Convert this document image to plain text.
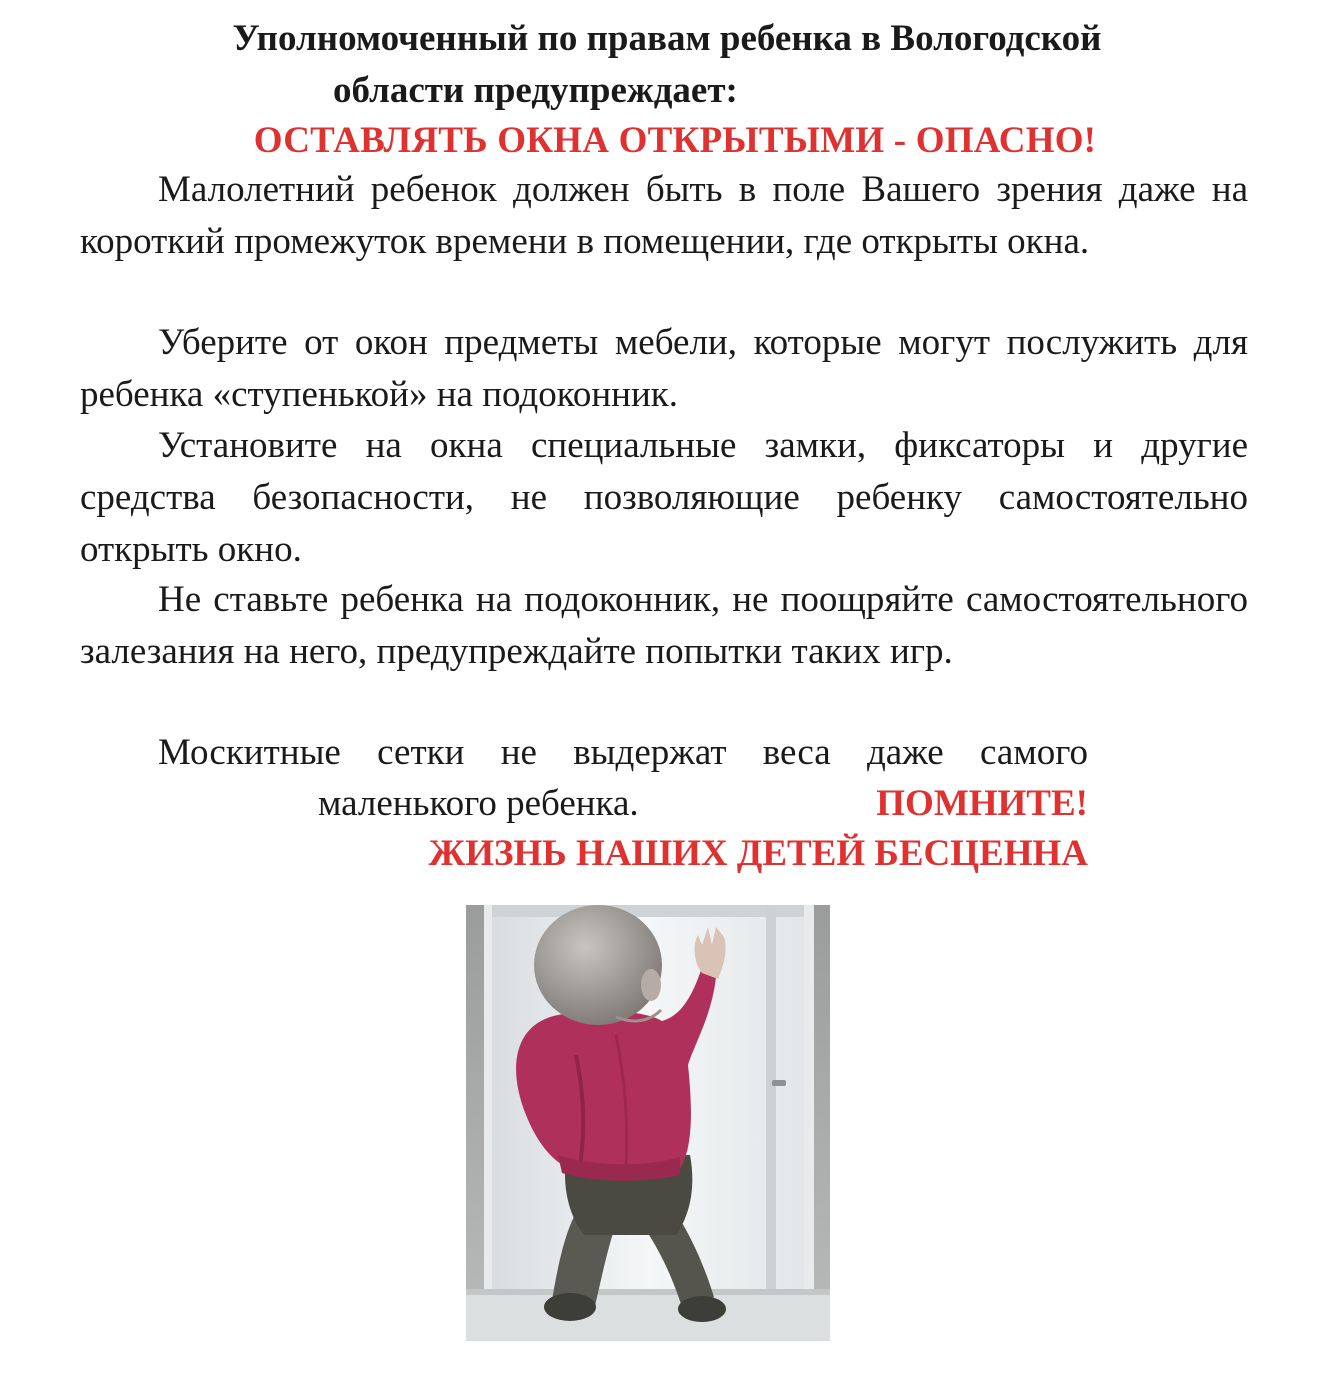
Уполномоченный по правам ребенка в Вологодской
области предупреждает:
ОСТАВЛЯТЬ ОКНА ОТКРЫТЫМИ - ОПАСНО!
Малолетний ребенок должен быть в поле Вашего зрения даже на короткий промежуток времени в помещении, где открыты окна.
Уберите от окон предметы мебели, которые могут послужить для ребенка «ступенькой» на подоконник.
Установите на окна специальные замки, фиксаторы и другие средства безопасности, не позволяющие ребенку самостоятельно открыть окно.
Не ставьте ребенка на подоконник, не поощряйте самостоятельного залезания на него, предупреждайте попытки таких игр.
Москитные сетки не выдержат веса даже самого
маленького ребенка.	ПОМНИТЕ!
ЖИЗНЬ НАШИХ ДЕТЕЙ БЕСЦЕННА
